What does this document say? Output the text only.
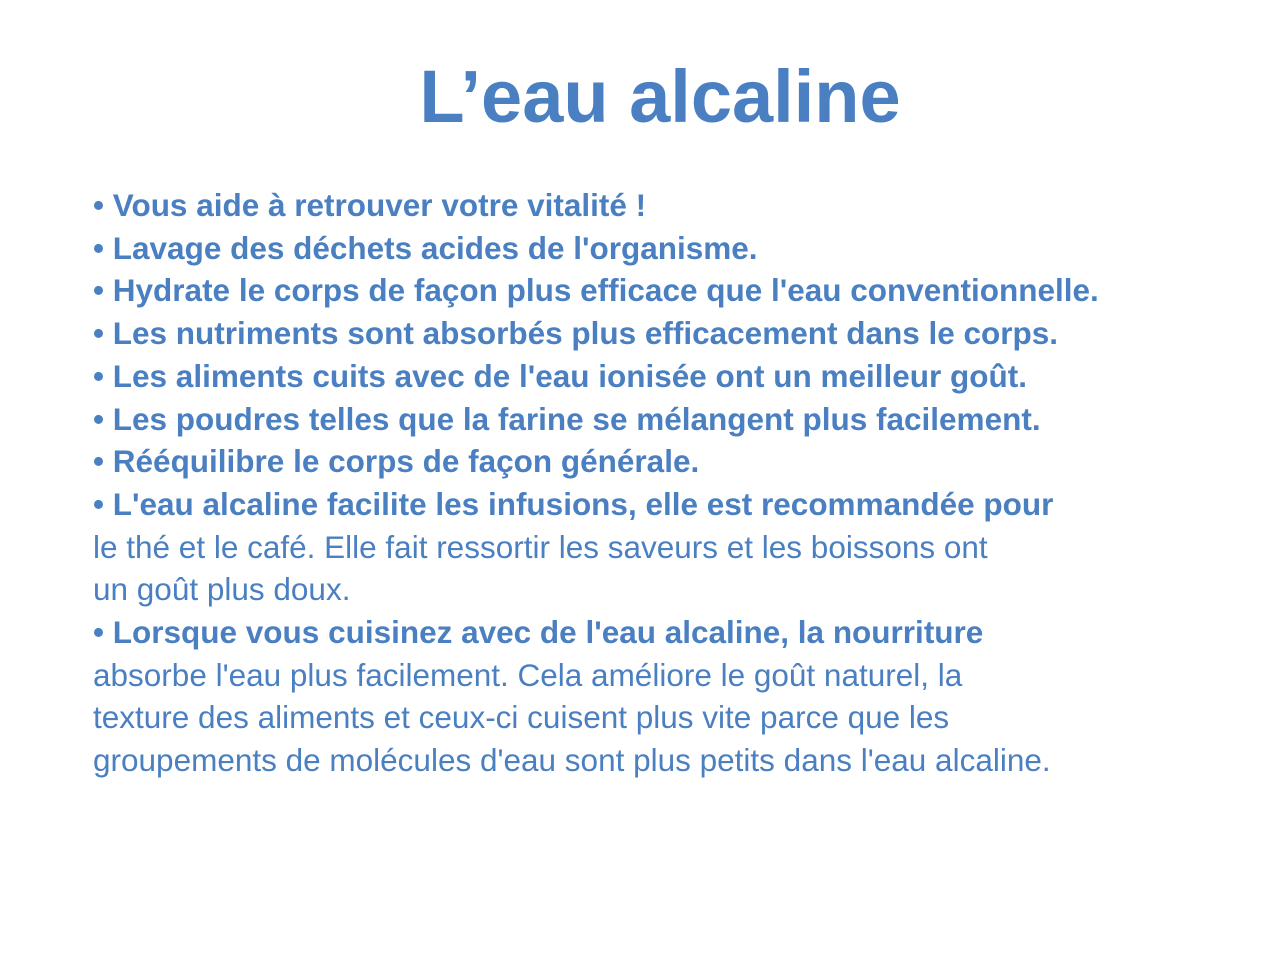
L’eau alcaline
• Vous aide à retrouver votre vitalité !
• Lavage des déchets acides de l'organisme.
• Hydrate le corps de façon plus efficace que l'eau conventionnelle.
• Les nutriments sont absorbés plus efficacement dans le corps.
• Les aliments cuits avec de l'eau ionisée ont un meilleur goût.
• Les poudres telles que la farine se mélangent plus facilement.
• Rééquilibre le corps de façon générale.
• L'eau alcaline facilite les infusions, elle est recommandée pour
le thé et le café. Elle fait ressortir les saveurs et les boissons ont
un goût plus doux.
• Lorsque vous cuisinez avec de l'eau alcaline, la nourriture
absorbe l'eau plus facilement. Cela améliore le goût naturel, la
texture des aliments et ceux-ci cuisent plus vite parce que les
groupements de molécules d'eau sont plus petits dans l'eau alcaline.
